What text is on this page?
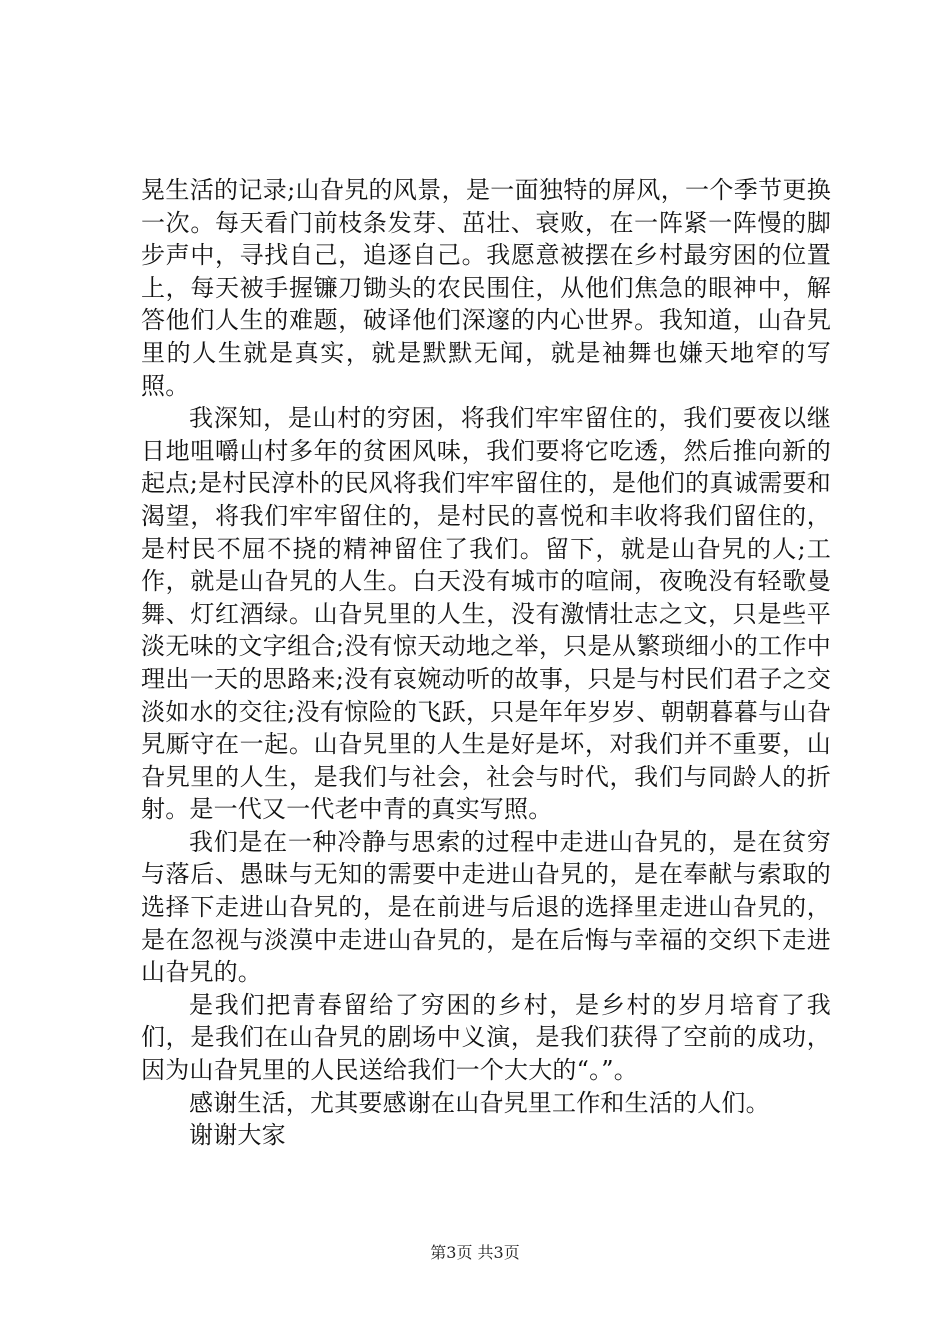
晃生活的记录;山旮旯的风景，是一面独特的屏风，一个季节更换一次。每天看门前枝条发芽、茁壮、衰败，在一阵紧一阵慢的脚步声中，寻找自己，追逐自己。我愿意被摆在乡村最穷困的位置上，每天被手握镰刀锄头的农民围住，从他们焦急的眼神中，解答他们人生的难题，破译他们深邃的内心世界。我知道，山旮旯里的人生就是真实，就是默默无闻，就是袖舞也嫌天地窄的写照。

我深知，是山村的穷困，将我们牢牢留住的，我们要夜以继日地咀嚼山村多年的贫困风味，我们要将它吃透，然后推向新的起点;是村民淳朴的民风将我们牢牢留住的，是他们的真诚需要和渴望，将我们牢牢留住的，是村民的喜悦和丰收将我们留住的，是村民不屈不挠的精神留住了我们。留下，就是山旮旯的人;工作，就是山旮旯的人生。白天没有城市的喧闹，夜晚没有轻歌曼舞、灯红酒绿。山旮旯里的人生，没有激情壮志之文，只是些平淡无味的文字组合;没有惊天动地之举，只是从繁琐细小的工作中理出一天的思路来;没有哀婉动听的故事，只是与村民们君子之交淡如水的交往;没有惊险的飞跃，只是年年岁岁、朝朝暮暮与山旮旯厮守在一起。山旮旯里的人生是好是坏，对我们并不重要，山旮旯里的人生，是我们与社会，社会与时代，我们与同龄人的折射。是一代又一代老中青的真实写照。

我们是在一种冷静与思索的过程中走进山旮旯的，是在贫穷与落后、愚昧与无知的需要中走进山旮旯的，是在奉献与索取的选择下走进山旮旯的，是在前进与后退的选择里走进山旮旯的，是在忽视与淡漠中走进山旮旯的，是在后悔与幸福的交织下走进山旮旯的。

是我们把青春留给了穷困的乡村，是乡村的岁月培育了我们，是我们在山旮旯的剧场中义演，是我们获得了空前的成功，因为山旮旯里的人民送给我们一个大大的“。”。

感谢生活，尤其要感谢在山旮旯里工作和生活的人们。

谢谢大家

第3页 共3页
